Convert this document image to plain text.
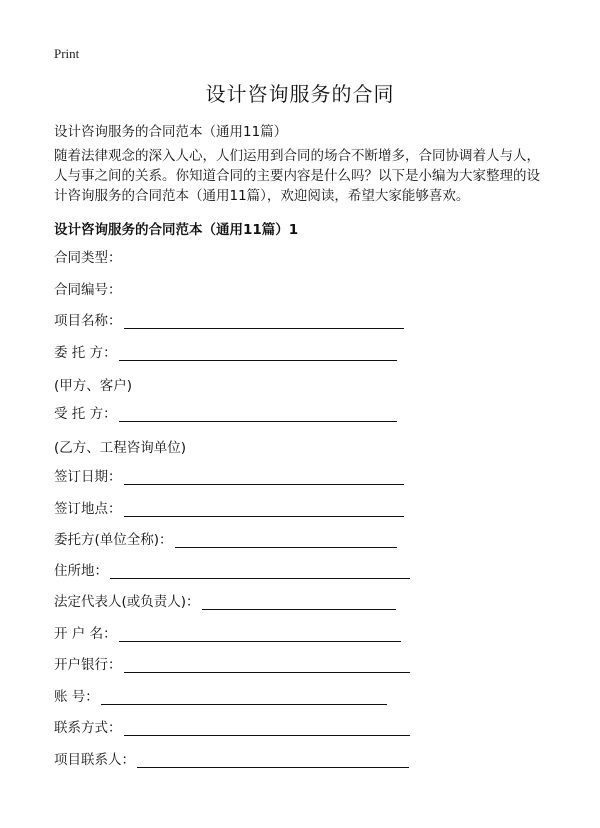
Print
设计咨询服务的合同
设计咨询服务的合同范本（通用11篇）
随着法律观念的深入人心，人们运用到合同的场合不断增多，合同协调着人与人，
人与事之间的关系。你知道合同的主要内容是什么吗？以下是小编为大家整理的设
计咨询服务的合同范本（通用11篇），欢迎阅读，希望大家能够喜欢。
设计咨询服务的合同范本（通用11篇）1
合同类型：
合同编号：
项目名称：
委 托 方：
(甲方、客户)
受 托 方：
(乙方、工程咨询单位)
签订日期：
签订地点：
委托方(单位全称)：
住所地：
法定代表人(或负责人)：
开 户 名：
开户银行：
账 号：
联系方式：
项目联系人：
